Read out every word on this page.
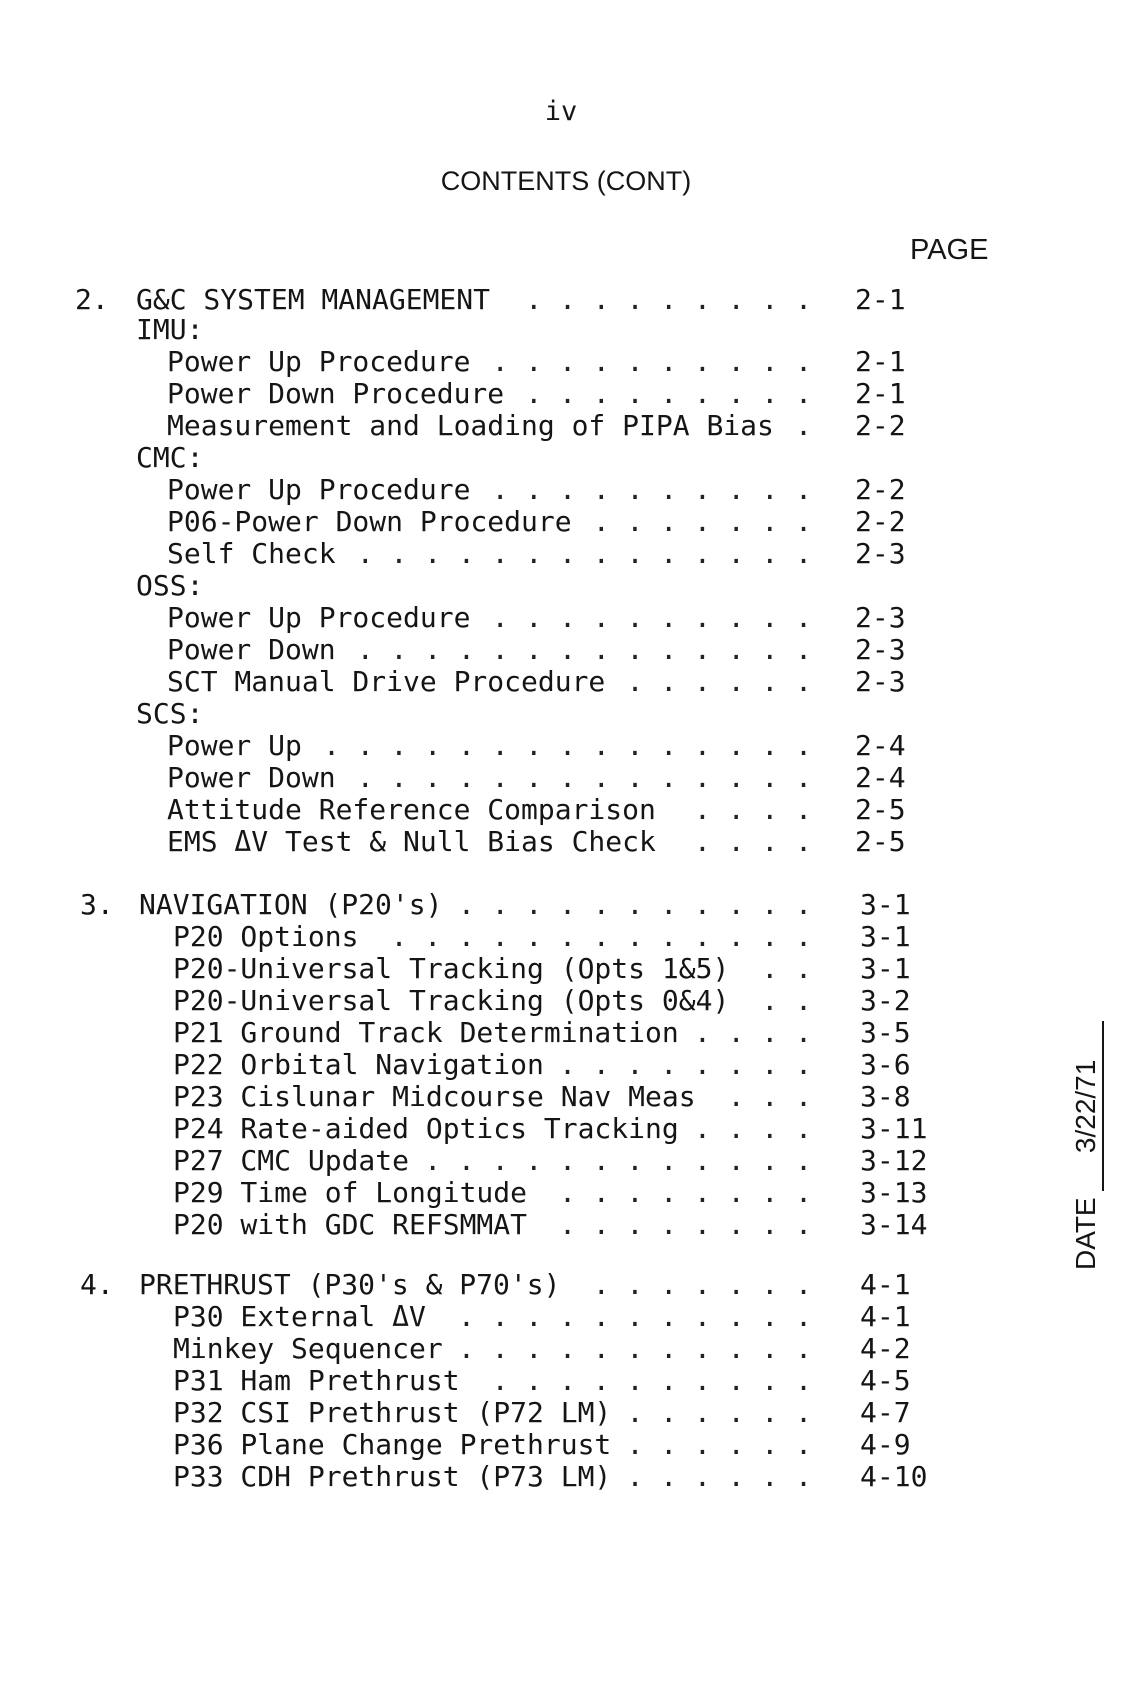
iv
CONTENTS (CONT)
PAGE
2. G&C SYSTEM MANAGEMENT . . . . . . . . . 2-1
IMU:
Power Up Procedure . . . . . . . . . . 2-1
Power Down Procedure . . . . . . . . . 2-1
Measurement and Loading of PIPA Bias . 2-2
CMC:
Power Up Procedure . . . . . . . . . . 2-2
P06-Power Down Procedure . . . . . . . 2-2
Self Check . . . . . . . . . . . . . . 2-3
OSS:
Power Up Procedure . . . . . . . . . . 2-3
Power Down . . . . . . . . . . . . . . 2-3
SCT Manual Drive Procedure . . . . . . 2-3
SCS:
Power Up . . . . . . . . . . . . . . . 2-4
Power Down . . . . . . . . . . . . . . 2-4
Attitude Reference Comparison . . . . 2-5
EMS ΔV Test & Null Bias Check . . . . 2-5
3. NAVIGATION (P20's) . . . . . . . . . . . 3-1
P20 Options . . . . . . . . . . . . . 3-1
P20-Universal Tracking (Opts 1&5) . . 3-1
P20-Universal Tracking (Opts 0&4) . . 3-2
P21 Ground Track Determination . . . . 3-5
P22 Orbital Navigation . . . . . . . . 3-6
P23 Cislunar Midcourse Nav Meas . . . 3-8
P24 Rate-aided Optics Tracking . . . . 3-11
P27 CMC Update . . . . . . . . . . . . 3-12
P29 Time of Longitude . . . . . . . . 3-13
P20 with GDC REFSMMAT . . . . . . . . 3-14
4. PRETHRUST (P30's & P70's) . . . . . . . 4-1
P30 External ΔV . . . . . . . . . . . 4-1
Minkey Sequencer . . . . . . . . . . . 4-2
P31 Ham Prethrust . . . . . . . . . . 4-5
P32 CSI Prethrust (P72 LM) . . . . . . 4-7
P36 Plane Change Prethrust . . . . . . 4-9
P33 CDH Prethrust (P73 LM) . . . . . . 4-10
DATE3/22/71
